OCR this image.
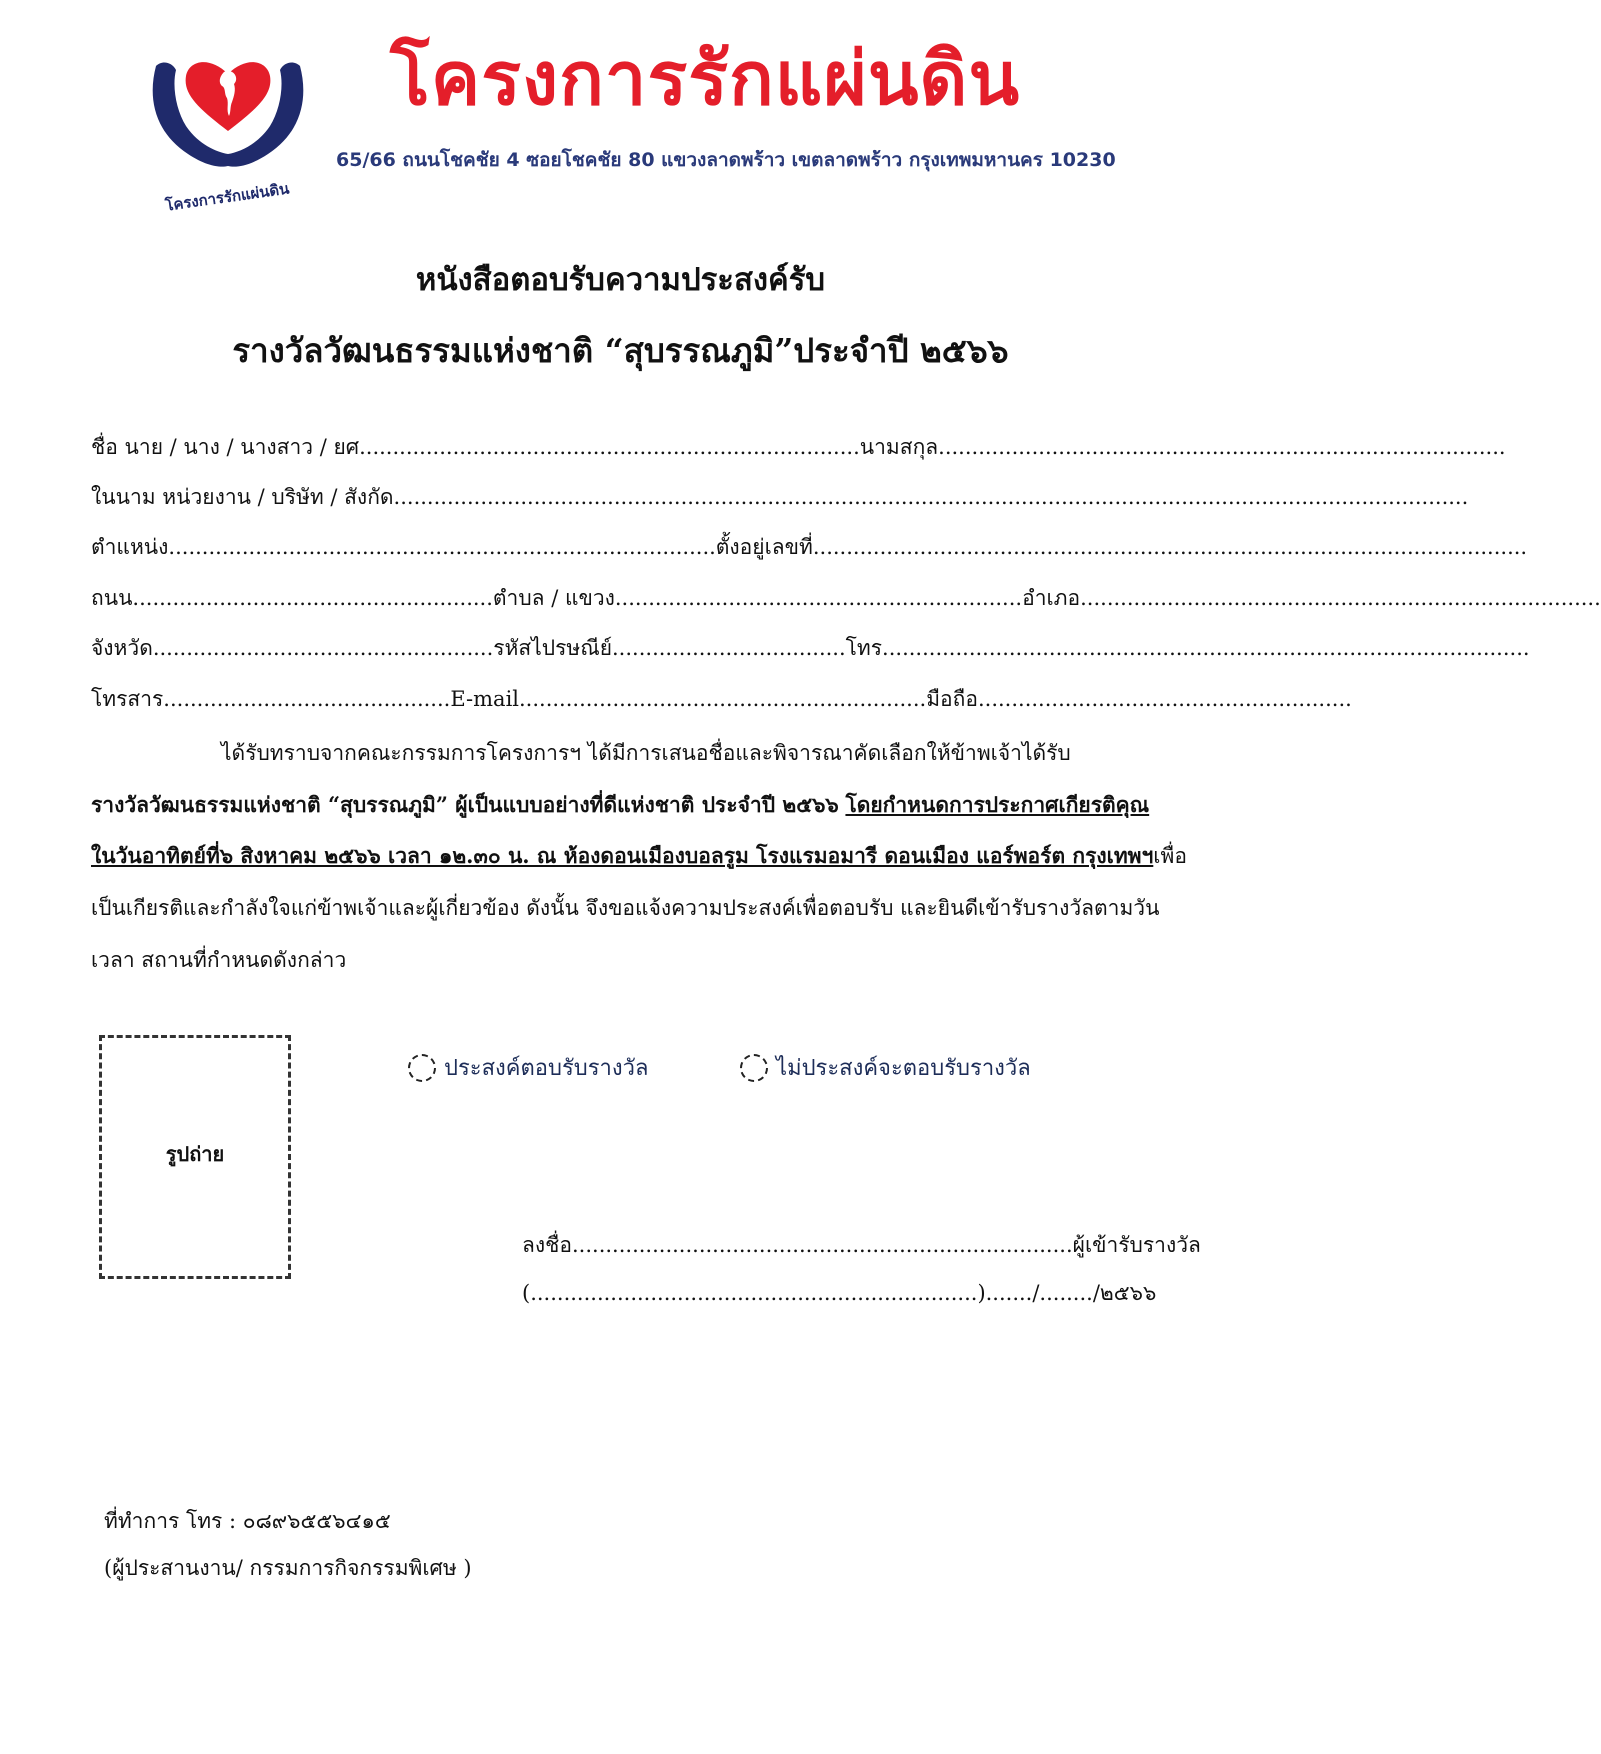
โครงการรักแผ่นดิน
โครงการรักแผ่นดิน
65/66 ถนนโชคชัย 4 ซอยโชคชัย 80 แขวงลาดพร้าว เขตลาดพร้าว กรุงเทพมหานคร 10230
หนังสือตอบรับความประสงค์รับ
รางวัลวัฒนธรรมแห่งชาติ “สุบรรณภูมิ”ประจำปี ๒๕๖๖
ชื่อ นาย / นาง / นางสาว / ยศ...........................................................................นามสกุล.....................................................................................
ในนาม หน่วยงาน / บริษัท / สังกัด.................................................................................................................................................................
ตำแหน่ง..................................................................................ตั้งอยู่เลขที่...........................................................................................................
ถนน......................................................ตำบล / แขวง.............................................................อำเภอ..............................................................................
จังหวัด...................................................รหัสไปรษณีย์...................................โทร.................................................................................................
โทรสาร...........................................E-mail.............................................................มือถือ........................................................
ได้รับทราบจากคณะกรรมการโครงการฯ ได้มีการเสนอชื่อและพิจารณาคัดเลือกให้ข้าพเจ้าได้รับ
รางวัลวัฒนธรรมแห่งชาติ “สุบรรณภูมิ” ผู้เป็นแบบอย่างที่ดีแห่งชาติ ประจำปี ๒๕๖๖ โดยกำหนดการประกาศเกียรติคุณ
ในวันอาทิตย์ที่๖ สิงหาคม ๒๕๖๖ เวลา ๑๒.๓๐ น. ณ ห้องดอนเมืองบอลรูม โรงแรมอมารี ดอนเมือง แอร์พอร์ต กรุงเทพฯเพื่อ
เป็นเกียรติและกำลังใจแก่ข้าพเจ้าและผู้เกี่ยวข้อง ดังนั้น จึงขอแจ้งความประสงค์เพื่อตอบรับ และยินดีเข้ารับรางวัลตามวัน
เวลา สถานที่กำหนดดังกล่าว
รูปถ่าย
ประสงค์ตอบรับรางวัล	ไม่ประสงค์จะตอบรับรางวัล
ลงชื่อ...........................................................................ผู้เข้ารับรางวัล
(...................................................................)......./......../๒๕๖๖
ที่ทำการ โทร : ๐๘๙๖๕๕๖๔๑๕
(ผู้ประสานงาน/ กรรมการกิจกรรมพิเศษ )
